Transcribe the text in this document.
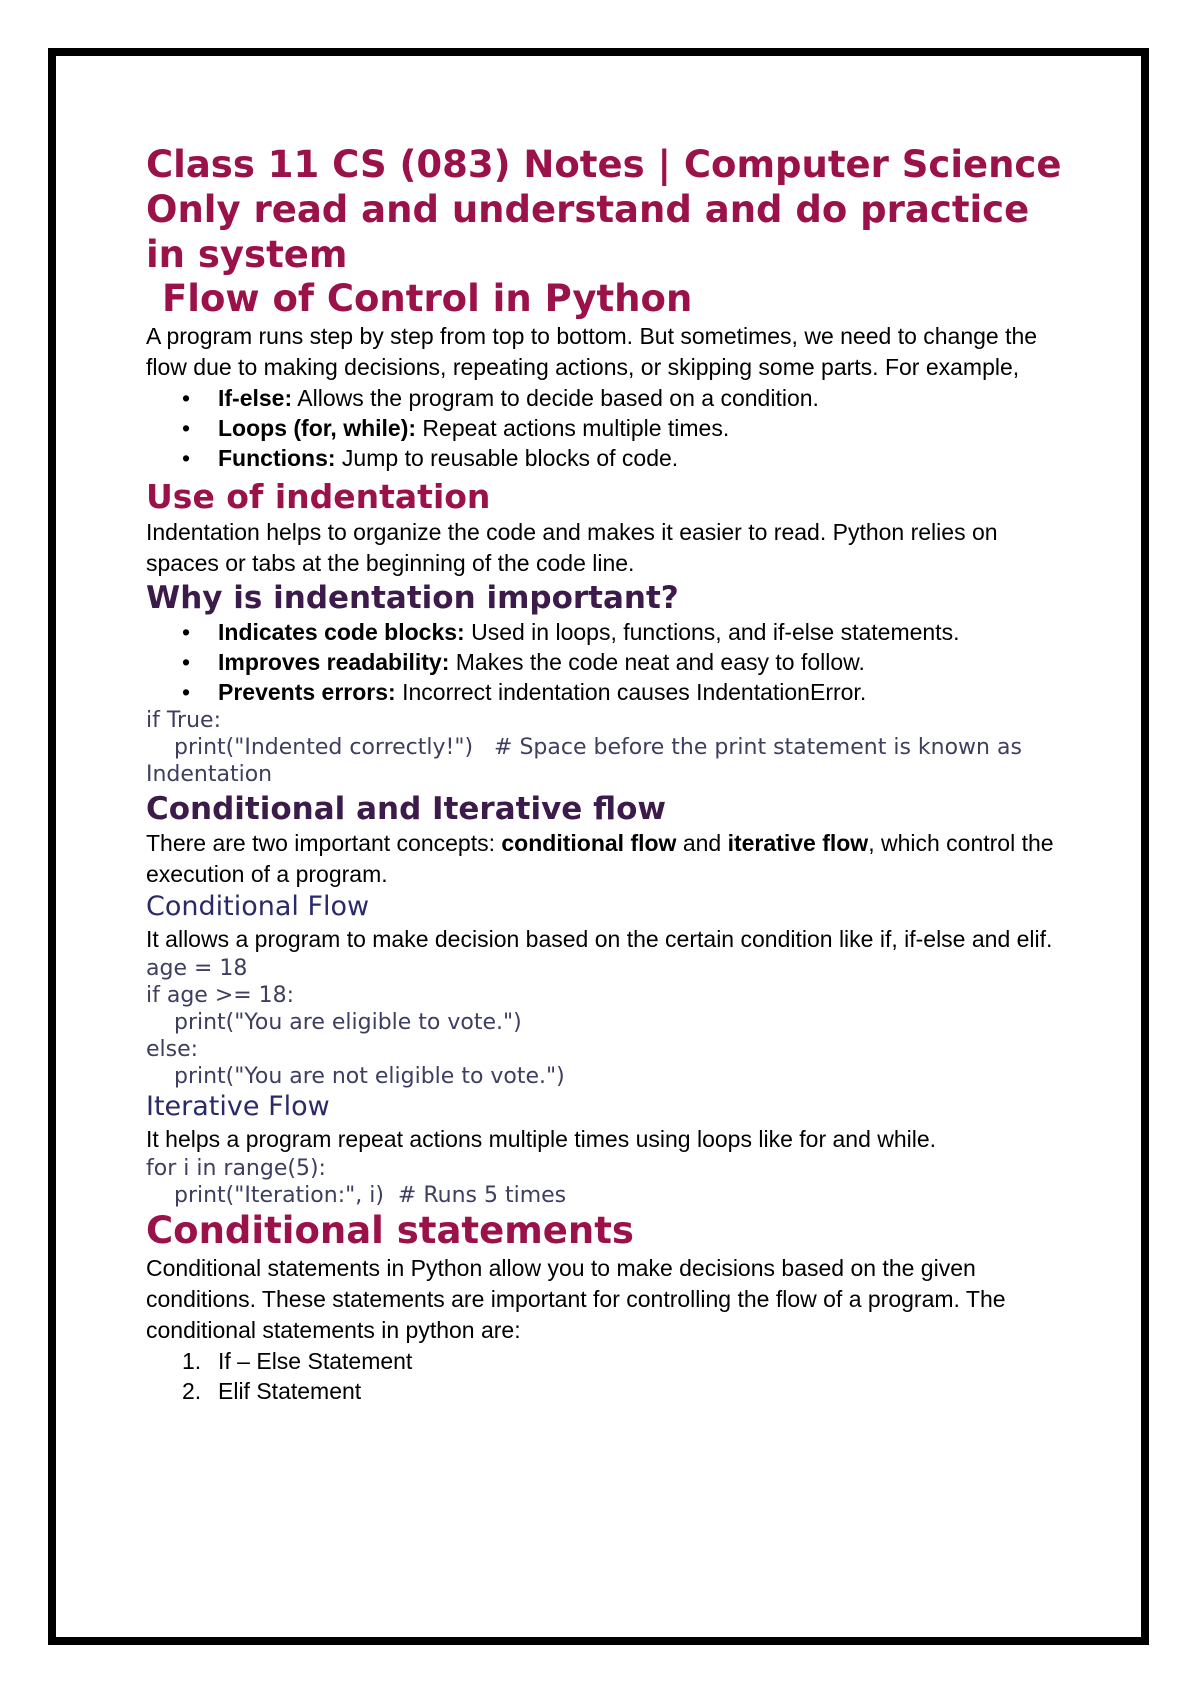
Class 11 CS (083) Notes | Computer Science
Only read and understand and do practice in system
Flow of Control in Python

A program runs step by step from top to bottom. But sometimes, we need to change the flow due to making decisions, repeating actions, or skipping some parts. For example,

• If-else: Allows the program to decide based on a condition.
• Loops (for, while): Repeat actions multiple times.
• Functions: Jump to reusable blocks of code.
Use of indentation

Indentation helps to organize the code and makes it easier to read. Python relies on spaces or tabs at the beginning of the code line.

Why is indentation important?
• Indicates code blocks: Used in loops, functions, and if-else statements.
• Improves readability: Makes the code neat and easy to follow.
• Prevents errors: Incorrect indentation causes IndentationError.
if True:
print("Indented correctly!")   # Space before the print statement is known as Indentation
Conditional and Iterative flow

There are two important concepts: conditional flow and iterative flow, which control the execution of a program.

Conditional Flow

It allows a program to make decision based on the certain condition like if, if-else and elif.

age = 18
if age >= 18:
print("You are eligible to vote.")
else:
print("You are not eligible to vote.")
Iterative Flow

It helps a program repeat actions multiple times using loops like for and while.

for i in range(5):
print("Iteration:", i)  # Runs 5 times
Conditional statements

Conditional statements in Python allow you to make decisions based on the given conditions. These statements are important for controlling the flow of a program. The conditional statements in python are:

1. If – Else Statement
2. Elif Statement
